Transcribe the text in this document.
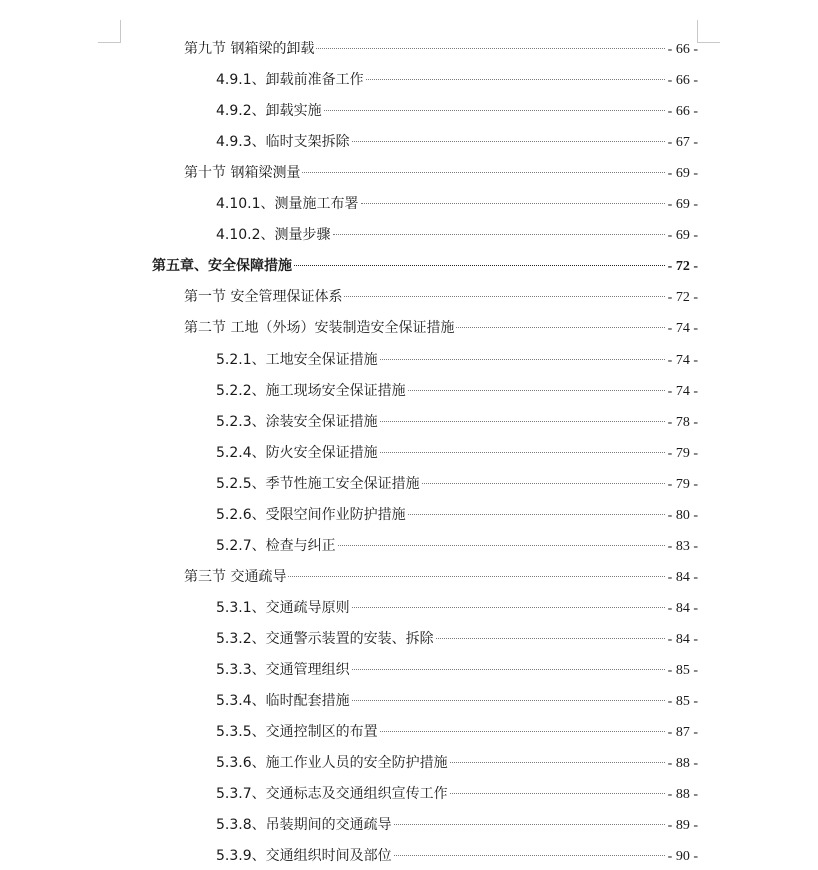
第九节 钢箱梁的卸载	- 66 -
4.9.1、卸载前准备工作	- 66 -
4.9.2、卸载实施	- 66 -
4.9.3、临时支架拆除	- 67 -
第十节 钢箱梁测量	- 69 -
4.10.1、测量施工布署	- 69 -
4.10.2、测量步骤	- 69 -
第五章、安全保障措施	- 72 -
第一节 安全管理保证体系	- 72 -
第二节 工地（外场）安装制造安全保证措施	- 74 -
5.2.1、工地安全保证措施	- 74 -
5.2.2、施工现场安全保证措施	- 74 -
5.2.3、涂装安全保证措施	- 78 -
5.2.4、防火安全保证措施	- 79 -
5.2.5、季节性施工安全保证措施	- 79 -
5.2.6、受限空间作业防护措施	- 80 -
5.2.7、检查与纠正	- 83 -
第三节 交通疏导	- 84 -
5.3.1、交通疏导原则	- 84 -
5.3.2、交通警示装置的安装、拆除	- 84 -
5.3.3、交通管理组织	- 85 -
5.3.4、临时配套措施	- 85 -
5.3.5、交通控制区的布置	- 87 -
5.3.6、施工作业人员的安全防护措施	- 88 -
5.3.7、交通标志及交通组织宣传工作	- 88 -
5.3.8、吊装期间的交通疏导	- 89 -
5.3.9、交通组织时间及部位	- 90 -
